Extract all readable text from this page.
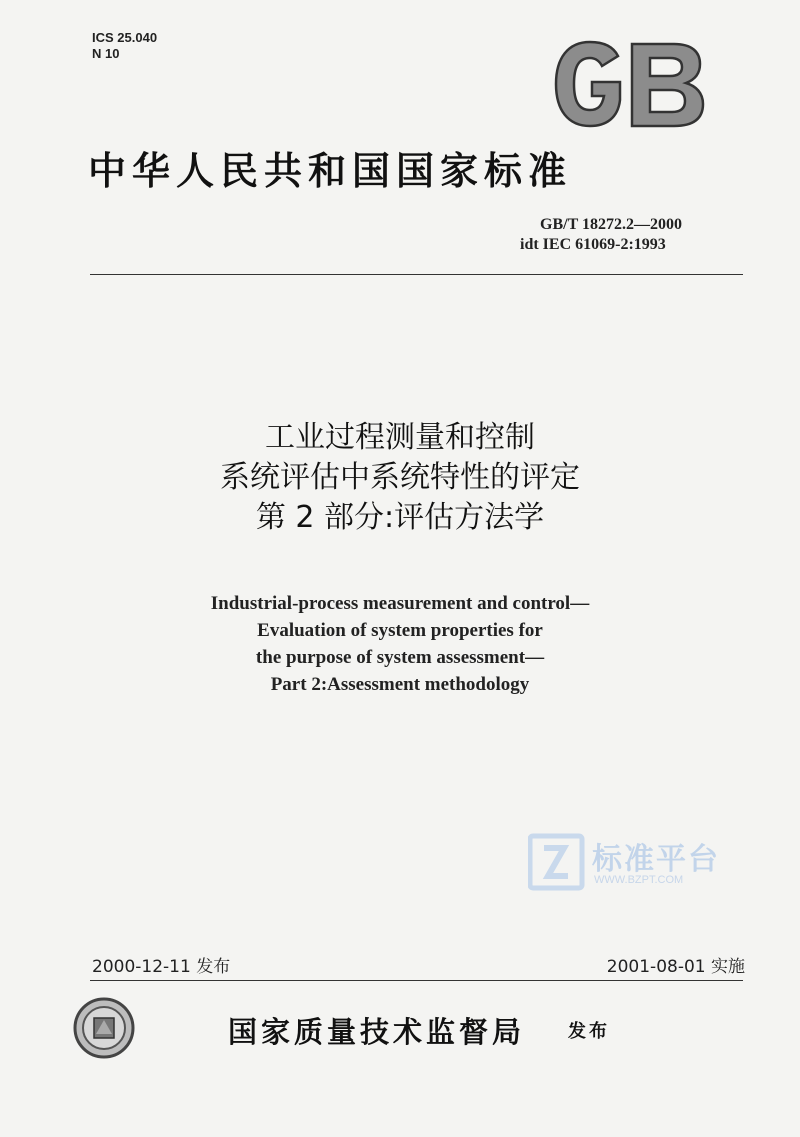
ICS 25.040
N 10
中华人民共和国国家标准
GB/T 18272.2—2000
idt IEC 61069-2:1993
工业过程测量和控制
系统评估中系统特性的评定
第 2 部分:评估方法学
Industrial-process measurement and control—
Evaluation of system properties for
the purpose of system assessment—
Part 2:Assessment methodology
标准平台
WWW.BZPT.COM
2000-12-11 发布	2001-08-01 实施
国家质量技术监督局 发布
